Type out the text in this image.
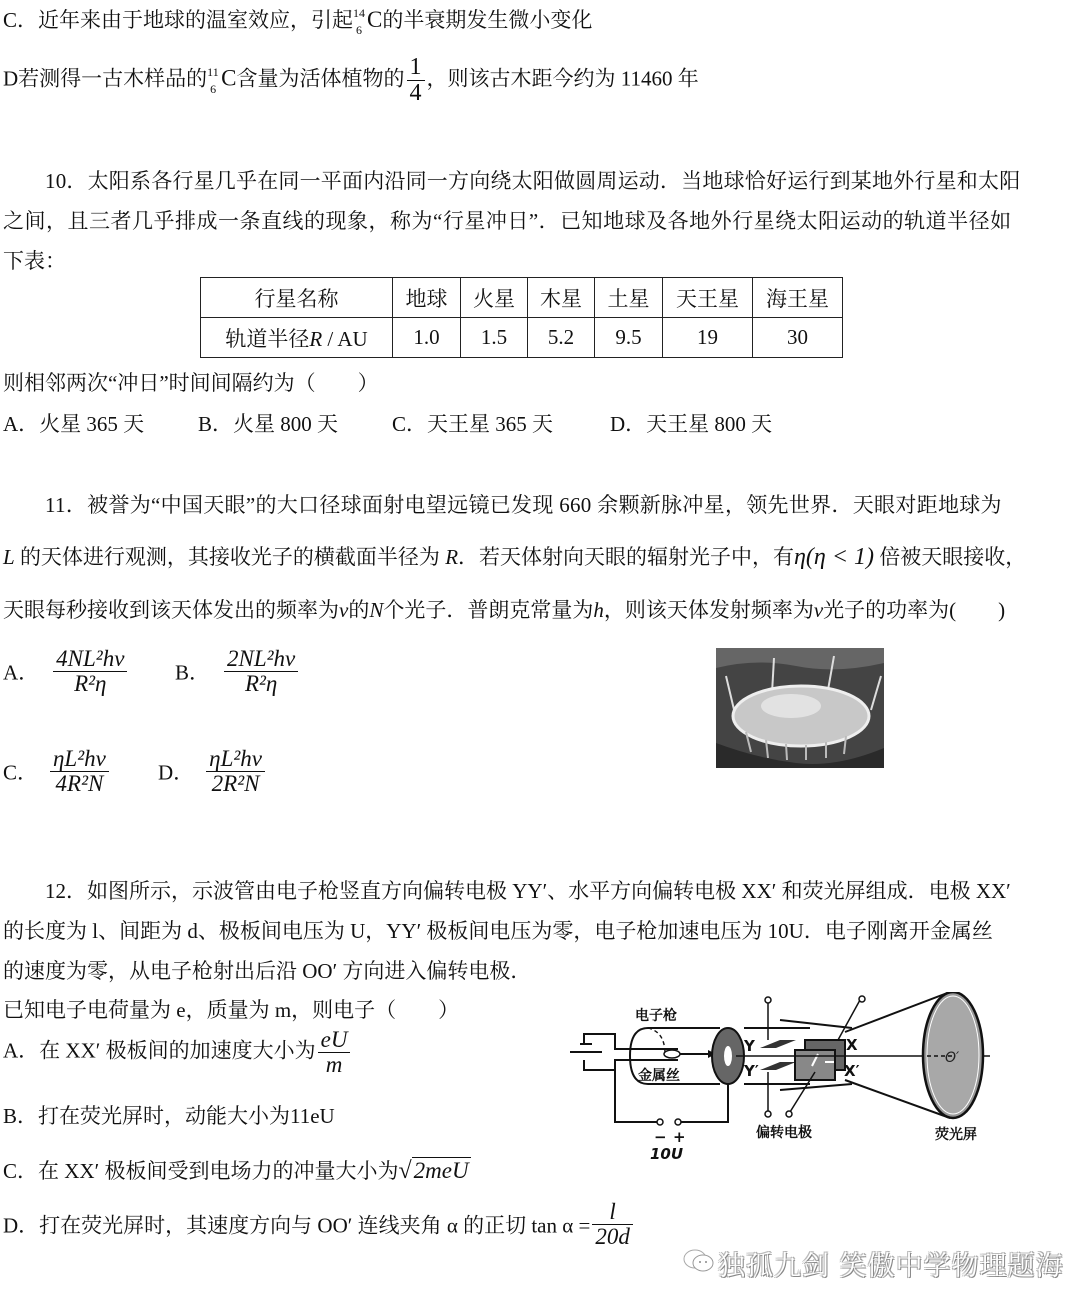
C．近年来由于地球的温室效应，引起 14
6 C的半衰期发生微小变化
D若测得一古木样品的 11
6 C含量为活体植物的 $\frac{1}{4}$ ，则该古木距今约为 11460 年
10．太阳系各行星几乎在同一平面内沿同一方向绕太阳做圆周运动．当地球恰好运行到某地外行星和太阳
之间，且三者几乎排成一条直线的现象，称为“行星冲日”．已知地球及各地外行星绕太阳运动的轨道半径如
下表：
行星名称	地球	火星	木星	土星	天王星	海王星
轨道半径R / AU	1.0	1.5	5.2	9.5	19	30
则相邻两次“冲日”时间间隔约为（　　）
A．火星 365 天	B．火星 800 天	C．天王星 365 天	D．天王星 800 天
11．被誉为“中国天眼”的大口径球面射电望远镜已发现 660 余颗新脉冲星，领先世界．天眼对距地球为
L 的天体进行观测，其接收光子的横截面半径为 R．若天体射向天眼的辐射光子中，有η(η < 1) 倍被天眼接收，
天眼每秒接收到该天体发出的频率为ν的N个光子．普朗克常量为h，则该天体发射频率为ν光子的功率为(　　)
A． $\frac{\text{4NL²hν}}{\text{R²η}}$ B． $\frac{\text{2NL²hν}}{\text{R²η}}$
C． $\frac{\text{ηL²hν}}{\text{4R²N}}$ D． $\frac{\text{ηL²hν}}{\text{2R²N}}$
12．如图所示，示波管由电子枪竖直方向偏转电极 YY′、水平方向偏转电极 XX′ 和荧光屏组成．电极 XX′
的长度为 l、间距为 d、极板间电压为 U，YY′ 极板间电压为零，电子枪加速电压为 10U．电子刚离开金属丝
的速度为零，从电子枪射出后沿 OO′ 方向进入偏转电极．
已知电子电荷量为 e，质量为 m，则电子（　　）
A．在 XX′ 极板间的加速度大小为 $\frac{eU}{m}$
B．打在荧光屏时，动能大小为11eU
C．在 XX′ 极板间受到电场力的冲量大小为√2meU
D．打在荧光屏时，其速度方向与 OO′ 连线夹角 α 的正切 $\tan \alpha = \frac{l}{20d}$
电子枪
金属丝
Y
Y′
X
X′
O′
偏转电极	荧光屏
− +
10U
独孤九剑 笑傲中学物理题海
